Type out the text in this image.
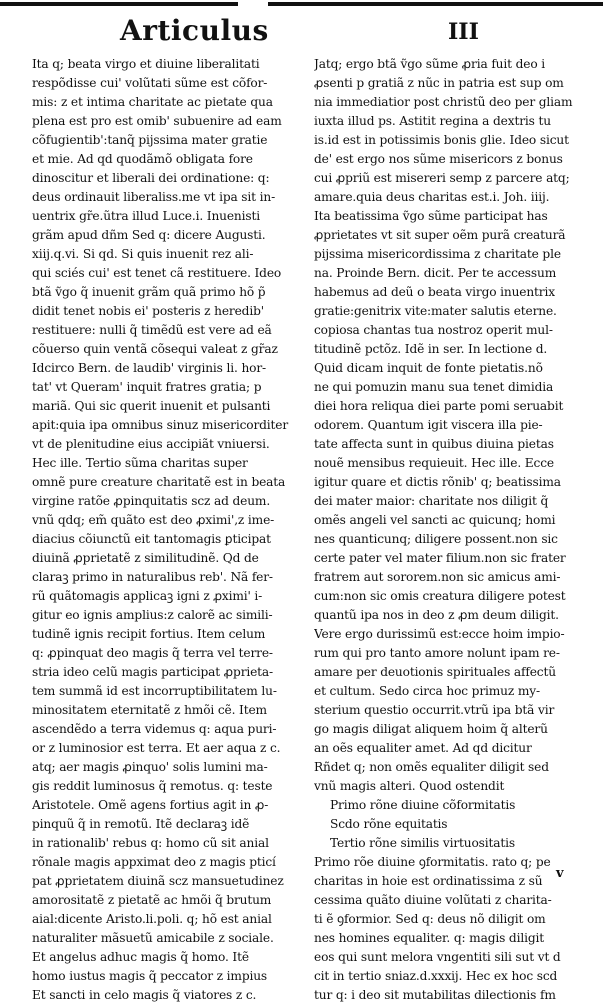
Articulus	III
Ita q; beata virgo et diuine liberalitati
respõdisse cui' volũtati sũme est cõfor-
mis: z et intima charitate ac pietate qua
plena est pro est omib' subuenire ad eam
cõfugientib':tanq̃ pijssima mater gratie
et mie. Ad qd quodãmõ obligata fore
dinoscitur et liberali dei ordinatione: q:
deus ordinauit liberaliss.me vt ipa sit in-
uentrix gr̃e.ũtra illud Luce.i. Inuenisti
grãm apud dñm Sed q: dicere Augusti.
xiij.q.vi. Si qd. Si quis inuenit rez ali-
qui sciés cui' est tenet cã restituere. Ideo
btã ṽgo q̃ inuenit grãm quã primo hõ p̃
didit tenet nobis ei' posteris z heredib'
restituere: nulli q̃ timẽdũ est vere ad eã
cõuerso quin ventã cõsequi valeat z gr̃az
Idcirco Bern. de laudib' virginis li. hor-
tat' vt Queram' inquit fratres gratia; p
mariã. Qui sic querit inuenit et pulsanti
apit:quia ipa omnibus sinuz misericorditer
vt de plenitudine eius accipiãt vniuersi.
Hec ille. Tertio sũma charitas super
omnẽ pure creature charitatẽ est in beata
virgine ratõe ꝓpinquitatis scz ad deum.
vnũ qdq; em̃ quãto est deo ꝓximi',z ime-
diacius cõiunctũ eit tantomagis ꝑticipat
diuinã ꝓprietatẽ z similitudinẽ. Qd de
claraꝫ primo in naturalibus reb'. Nã fer-
rũ quãtomagis applicaꝫ igni z ꝓximi' i-
gitur eo ignis amplius:z calorẽ ac simili-
tudinẽ ignis recipit fortius. Item celum
q: ꝓpinquat deo magis q̃ terra vel terre-
stria ideo celũ magis participat ꝓprieta-
tem summã id est incorruptibilitatem lu-
minositatem eternitatẽ z hmõi cẽ. Item
ascendẽdo a terra videmus q: aqua puri-
or z luminosior est terra. Et aer aqua z c.
atq; aer magis ꝓinquo' solis lumini ma-
gis reddit luminosus q̃ remotus. q: teste
Aristotele. Omẽ agens fortius agit in ꝓ-
pinquũ q̃ in remotũ. Itẽ declaraꝫ idẽ
in rationalib' rebus q: homo cũ sit anial
rõnale magis appximat deo z magis pticí
pat ꝓprietatem diuinã scz mansuetudinez
amorositatẽ z pietatẽ ac hmõi q̃ brutum
aial:dicente Aristo.li.poli. q; hõ est anial
naturaliter mãsuetũ amicabile z sociale.
Et angelus adhuc magis q̃ homo. Itẽ
homo iustus magis q̃ peccator z impius
Et sancti in celo magis q̃ viatores z c.
Jatq; ergo btã ṽgo sũme ꝓria fuit deo i
ꝓsenti p gratiã z nũc in patria est sup om
nia immediatior post christũ deo per gliam
iuxta illud ps. Astitit regina a dextris tu
is.id est in potissimis bonis glie. Ideo sicut
de' est ergo nos sũme misericors z bonus
cui ꝓpriũ est misereri semp z parcere atq;
amare.quia deus charitas est.i. Joh. iiij.
Ita beatissima ṽgo sũme participat has
ꝓprietates vt sit super oẽm purã creaturã
pijssima misericordissima z charitate ple
na. Proinde Bern. dicit. Per te accessum
habemus ad deũ o beata virgo inuentrix
gratie:genitrix vite:mater salutis eterne.
copiosa chantas tua nostroz operit mul-
titudinẽ pctõz. Idẽ in ser. In lectione d.
Quid dicam inquit de fonte pietatis.nõ
ne qui pomuzin manu sua tenet dimidia
diei hora reliqua diei parte pomi seruabit
odorem. Quantum igit viscera illa pie-
tate affecta sunt in quibus diuina pietas
nouẽ mensibus requieuit. Hec ille. Ecce
igitur quare et dictis rõnib' q; beatissima
dei mater maior: charitate nos diligit q̃
omẽs angeli vel sancti ac quicunq; homi
nes quanticunq; diligere possent.non sic
certe pater vel mater filium.non sic frater
fratrem aut sororem.non sic amicus ami-
cum:non sic omis creatura diligere potest
quantũ ipa nos in deo z ꝓm deum diligit.
Vere ergo durissimũ est:ecce hoim impio-
rum qui pro tanto amore nolunt ipam re-
amare per deuotionis spirituales affectũ
et cultum. Sedo circa hoc primuz my-
sterium questio occurrit.vtrũ ipa btã vir
go magis diligat aliquem hoim q̃ alterũ
an oẽs equaliter amet. Ad qd dicitur
Rñdet q; non omẽs equaliter diligit sed
vnũ magis alteri. Quod ostendit
Primo rõne diuine cõformitatis
Scdo rõne equitatis
Tertio rõne similis virtuositatis
Primo rõe diuine ꝯformitatis. rato q; pe
charitas in hoie est ordinatissima z sũ
cessima quãto diuine volũtati z charita-
ti ẽ ꝯformior. Sed q: deus nõ diligit om
nes homines equaliter. q: magis diligit
eos qui sunt melora vngentiti sili sut vt d
cit in tertio sniaz.d.xxxij. Hec ex hoc scd
tur q: i deo sit mutabilitas dilectionis fm
v
